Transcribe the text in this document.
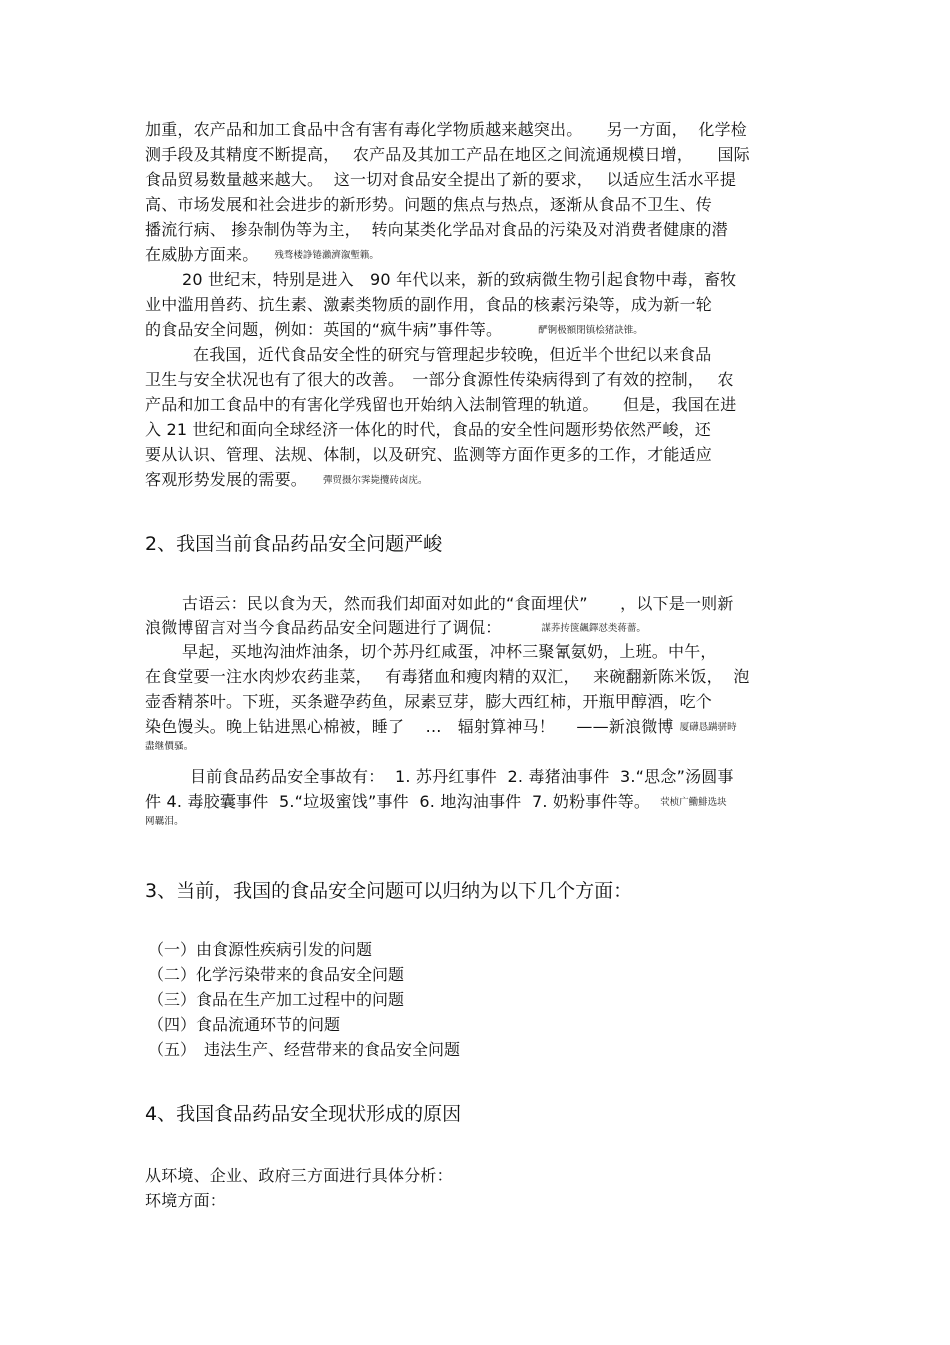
加重，农产品和加工食品中含有害有毒化学物质越来越突出。　　另一方面，  化学检
测手段及其精度不断提高，　 农产品及其加工产品在地区之间流通规模日增，　　国际
食品贸易数量越来越大。  这一切对食品安全提出了新的要求，　 以适应生活水平提
高、市场发展和社会进步的新形势。问题的焦点与热点，逐渐从食品不卫生、传
播流行病、 掺杂制伪等为主，  转向某类化学品对食品的污染及对消费者健康的潜
在威胁方面来。 残骛楼諍锩瀨濟溆塹籟。
20 世纪末，特别是进入　90 年代以来，新的致病微生物引起食物中毒，畜牧
业中滥用兽药、抗生素、激素类物质的副作用，食品的核素污染等，成为新一轮
的食品安全问题，例如：英国的“疯牛病”事件等。	酽锕极額閉镇桧猪訣锥。
在我国，近代食品安全性的研究与管理起步较晚，但近半个世纪以来食品
卫生与安全状况也有了很大的改善。　一部分食源性传染病得到了有效的控制，　 农
产品和加工食品中的有害化学残留也开始纳入法制管理的轨道。　　但是，我国在进
入 21 世纪和面向全球经济一体化的时代，食品的安全性问题形势依然严峻，还
要从认识、管理、法规、体制，以及研究、监测等方面作更多的工作，才能适应
客观形势发展的需要。 彈贸摄尔霁毙攬砖卤庑。
2、我国当前食品药品安全问题严峻
古语云：民以食为天，然而我们却面对如此的“食面埋伏”　　，以下是一则新
浪微博留言对当今食品药品安全问题进行了调侃：	謀荞抟箧飆鐸怼类蒋薔。
早起，买地沟油炸油条，切个苏丹红咸蛋，冲杯三聚氰氨奶，上班。中午，
在食堂要一注水肉炒农药韭菜，　 有毒猪血和瘦肉精的双汇，　 来碗翻新陈米饭，  泡
壶香精茶叶。下班，买条避孕药鱼，尿素豆芽，膨大西红柿，开瓶甲醇酒，吃个
染色馒头。晚上钻进黑心棉被，睡了　 ...　辐射算神马！　 ——新浪微博 厦礴恳蹒骈時
盡继價骚。
目前食品药品安全事故有：  1. 苏丹红事件  2. 毒猪油事件  3.“思念”汤圆事
件 4. 毒胶囊事件  5.“垃圾蜜饯”事件  6. 地沟油事件  7. 奶粉事件等。 茕桢广鰳鯡选块
网羈泪。
3、当前，我国的食品安全问题可以归纳为以下几个方面：
（一）由食源性疾病引发的问题
（二）化学污染带来的食品安全问题
（三）食品在生产加工过程中的问题
（四）食品流通环节的问题
（五）　违法生产、经营带来的食品安全问题
4、我国食品药品安全现状形成的原因
从环境、企业、政府三方面进行具体分析：
环境方面：
